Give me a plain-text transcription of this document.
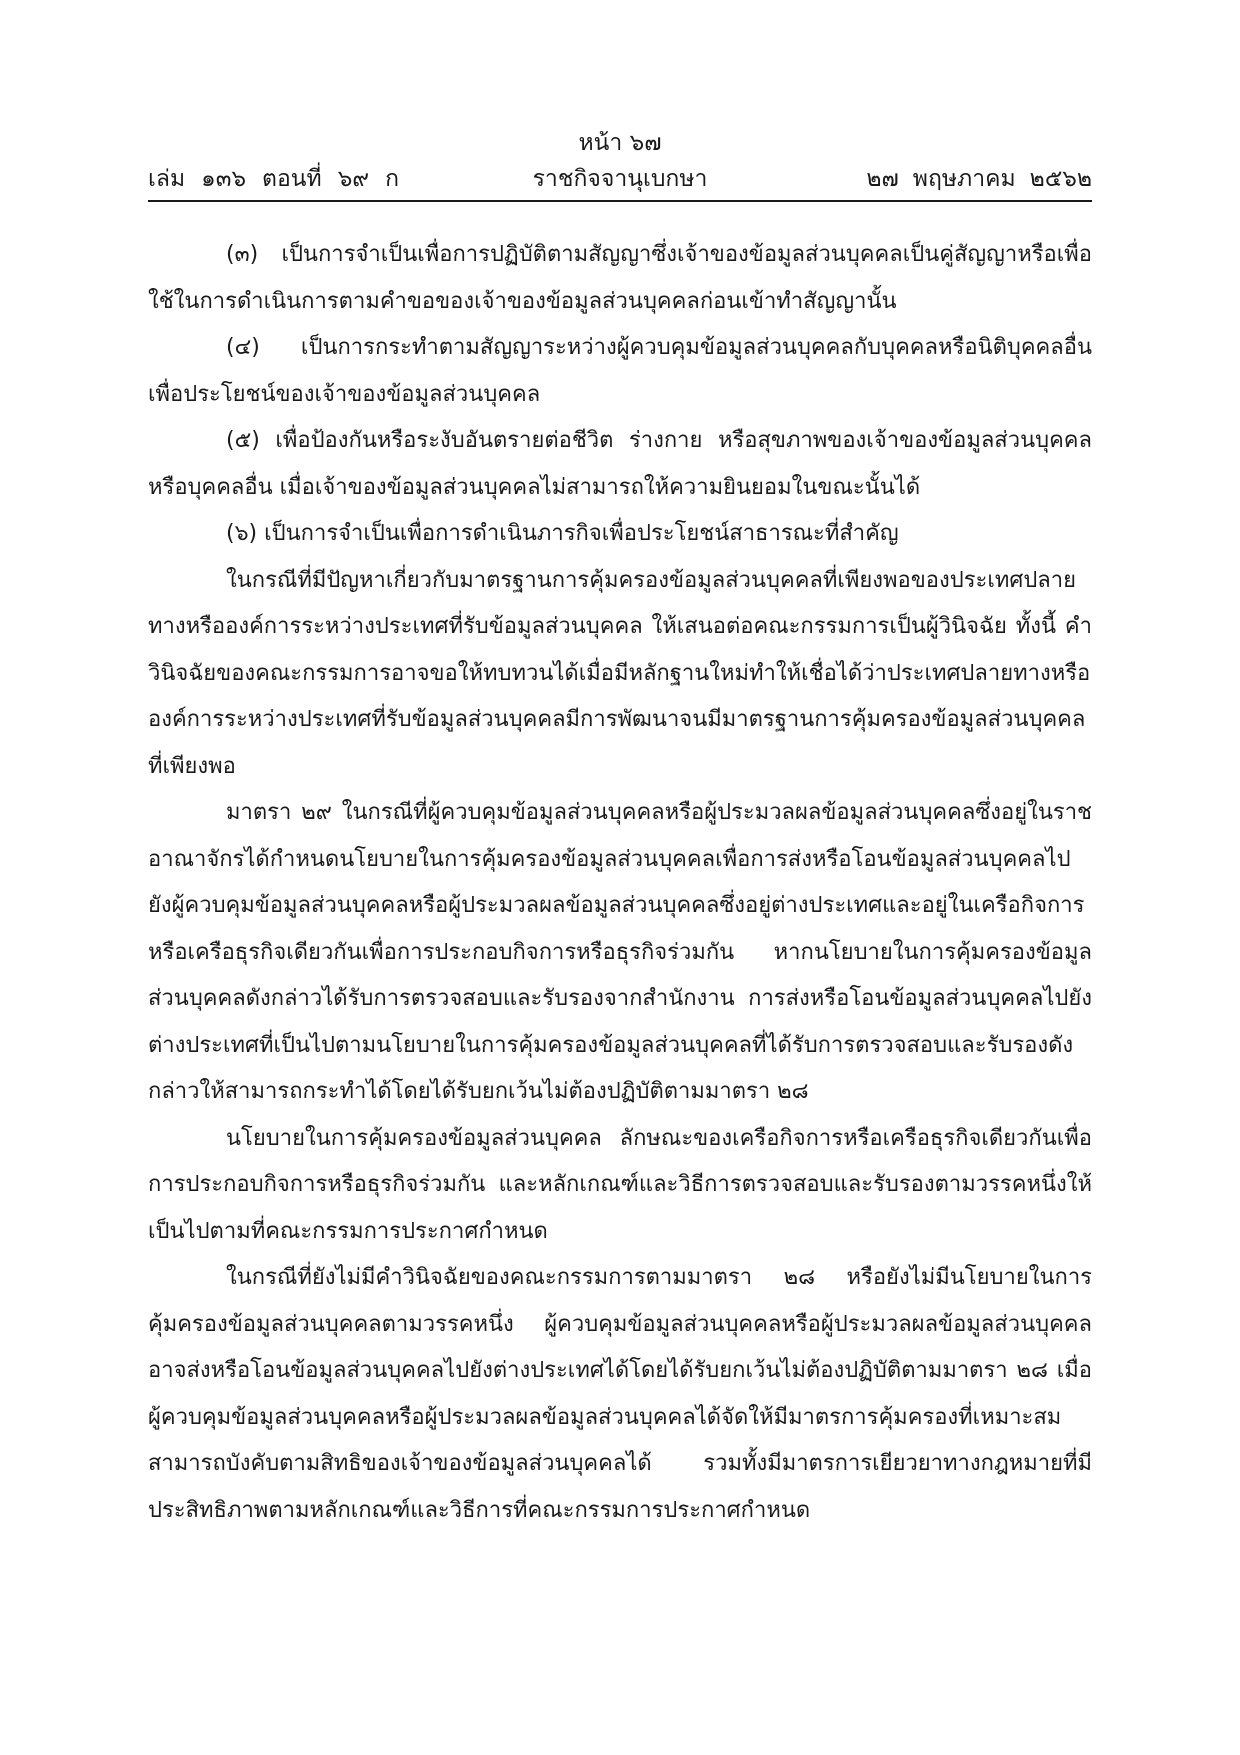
หน้า ๖๗
เล่ม ๑๓๖ ตอนที่ ๖๙ ก	ราชกิจจานุเบกษา	๒๗ พฤษภาคม ๒๕๖๒

(๓) เป็นการจำเป็นเพื่อการปฏิบัติตามสัญญาซึ่งเจ้าของข้อมูลส่วนบุคคลเป็นคู่สัญญาหรือเพื่อใช้ในการดำเนินการตามคำขอของเจ้าของข้อมูลส่วนบุคคลก่อนเข้าทำสัญญานั้น

(๔) เป็นการกระทำตามสัญญาระหว่างผู้ควบคุมข้อมูลส่วนบุคคลกับบุคคลหรือนิติบุคคลอื่นเพื่อประโยชน์ของเจ้าของข้อมูลส่วนบุคคล

(๕) เพื่อป้องกันหรือระงับอันตรายต่อชีวิต ร่างกาย หรือสุขภาพของเจ้าของข้อมูลส่วนบุคคลหรือบุคคลอื่น เมื่อเจ้าของข้อมูลส่วนบุคคลไม่สามารถให้ความยินยอมในขณะนั้นได้

(๖) เป็นการจำเป็นเพื่อการดำเนินภารกิจเพื่อประโยชน์สาธารณะที่สำคัญ

ในกรณีที่มีปัญหาเกี่ยวกับมาตรฐานการคุ้มครองข้อมูลส่วนบุคคลที่เพียงพอของประเทศปลายทางหรือองค์การระหว่างประเทศที่รับข้อมูลส่วนบุคคล ให้เสนอต่อคณะกรรมการเป็นผู้วินิจฉัย ทั้งนี้ คำวินิจฉัยของคณะกรรมการอาจขอให้ทบทวนได้เมื่อมีหลักฐานใหม่ทำให้เชื่อได้ว่าประเทศปลายทางหรือองค์การระหว่างประเทศที่รับข้อมูลส่วนบุคคลมีการพัฒนาจนมีมาตรฐานการคุ้มครองข้อมูลส่วนบุคคลที่เพียงพอ

มาตรา ๒๙ ในกรณีที่ผู้ควบคุมข้อมูลส่วนบุคคลหรือผู้ประมวลผลข้อมูลส่วนบุคคลซึ่งอยู่ในราชอาณาจักรได้กำหนดนโยบายในการคุ้มครองข้อมูลส่วนบุคคลเพื่อการส่งหรือโอนข้อมูลส่วนบุคคลไปยังผู้ควบคุมข้อมูลส่วนบุคคลหรือผู้ประมวลผลข้อมูลส่วนบุคคลซึ่งอยู่ต่างประเทศและอยู่ในเครือกิจการหรือเครือธุรกิจเดียวกันเพื่อการประกอบกิจการหรือธุรกิจร่วมกัน หากนโยบายในการคุ้มครองข้อมูลส่วนบุคคลดังกล่าวได้รับการตรวจสอบและรับรองจากสำนักงาน การส่งหรือโอนข้อมูลส่วนบุคคลไปยังต่างประเทศที่เป็นไปตามนโยบายในการคุ้มครองข้อมูลส่วนบุคคลที่ได้รับการตรวจสอบและรับรองดังกล่าวให้สามารถกระทำได้โดยได้รับยกเว้นไม่ต้องปฏิบัติตามมาตรา ๒๘

นโยบายในการคุ้มครองข้อมูลส่วนบุคคล ลักษณะของเครือกิจการหรือเครือธุรกิจเดียวกันเพื่อการประกอบกิจการหรือธุรกิจร่วมกัน และหลักเกณฑ์และวิธีการตรวจสอบและรับรองตามวรรคหนึ่งให้เป็นไปตามที่คณะกรรมการประกาศกำหนด

ในกรณีที่ยังไม่มีคำวินิจฉัยของคณะกรรมการตามมาตรา ๒๘ หรือยังไม่มีนโยบายในการคุ้มครองข้อมูลส่วนบุคคลตามวรรคหนึ่ง ผู้ควบคุมข้อมูลส่วนบุคคลหรือผู้ประมวลผลข้อมูลส่วนบุคคลอาจส่งหรือโอนข้อมูลส่วนบุคคลไปยังต่างประเทศได้โดยได้รับยกเว้นไม่ต้องปฏิบัติตามมาตรา ๒๘ เมื่อผู้ควบคุมข้อมูลส่วนบุคคลหรือผู้ประมวลผลข้อมูลส่วนบุคคลได้จัดให้มีมาตรการคุ้มครองที่เหมาะสมสามารถบังคับตามสิทธิของเจ้าของข้อมูลส่วนบุคคลได้ รวมทั้งมีมาตรการเยียวยาทางกฎหมายที่มีประสิทธิภาพตามหลักเกณฑ์และวิธีการที่คณะกรรมการประกาศกำหนด
